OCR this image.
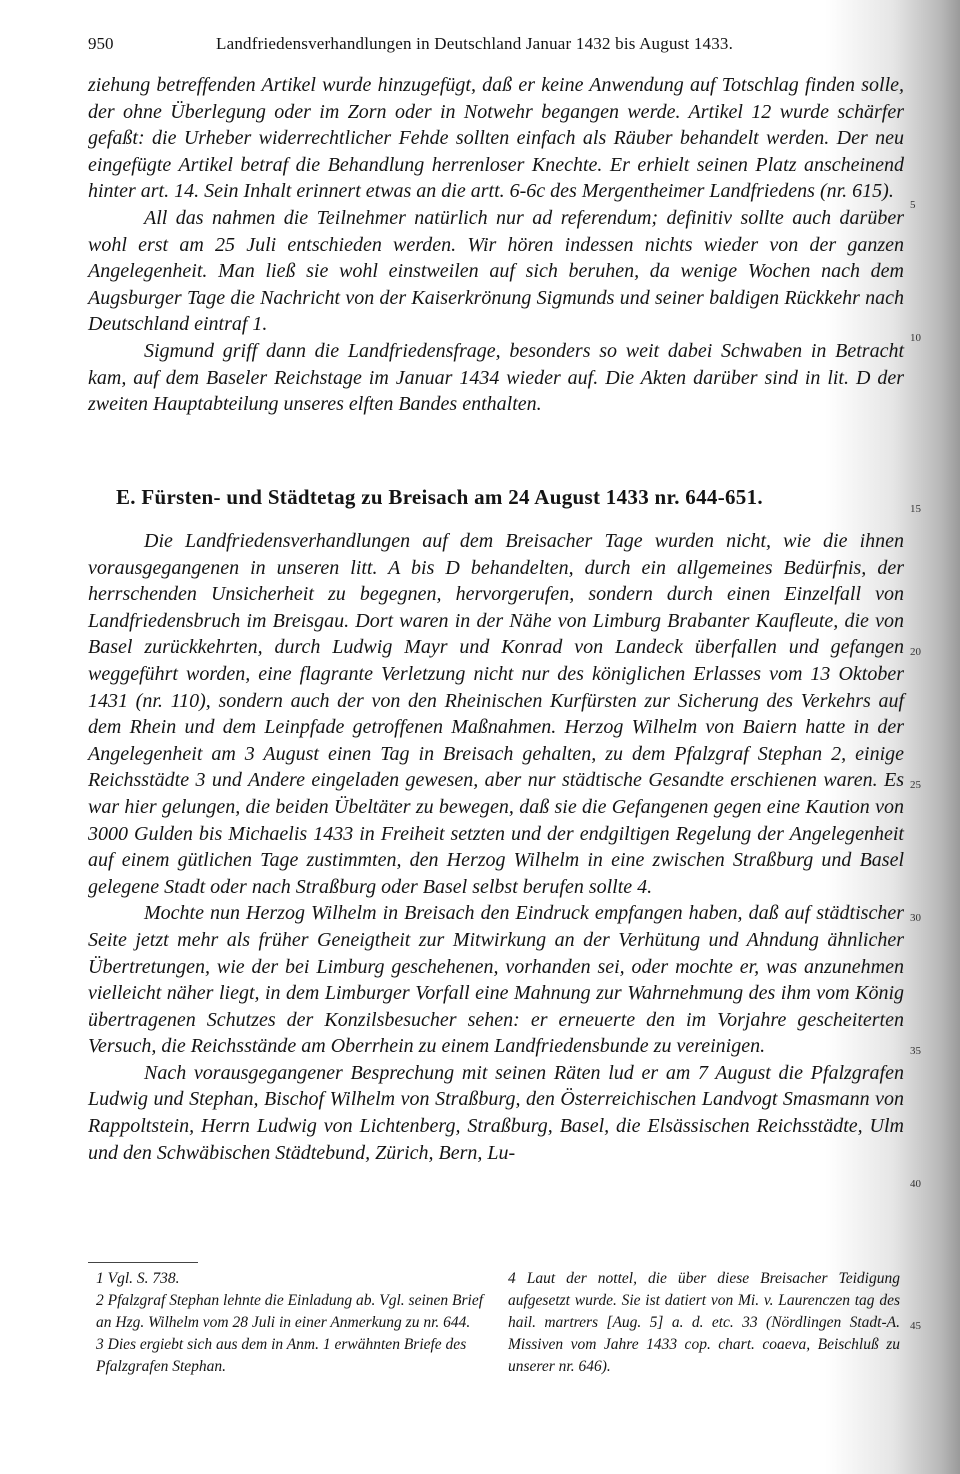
950	Landfriedensverhandlungen in Deutschland Januar 1432 bis August 1433.

ziehung betreffenden Artikel wurde hinzugefügt, daß er keine Anwendung auf Totschlag finden solle, der ohne Überlegung oder im Zorn oder in Notwehr begangen werde. Artikel 12 wurde schärfer gefaßt: die Urheber widerrechtlicher Fehde sollten einfach als Räuber behandelt werden. Der neu eingefügte Artikel betraf die Behandlung herrenloser Knechte. Er erhielt seinen Platz anscheinend hinter art. 14. Sein Inhalt erinnert etwas an die artt. 6-6c des Mergentheimer Landfriedens (nr. 615).

All das nahmen die Teilnehmer natürlich nur ad referendum; definitiv sollte auch darüber wohl erst am 25 Juli entschieden werden. Wir hören indessen nichts wieder von der ganzen Angelegenheit. Man ließ sie wohl einstweilen auf sich beruhen, da wenige Wochen nach dem Augsburger Tage die Nachricht von der Kaiserkrönung Sigmunds und seiner baldigen Rückkehr nach Deutschland eintraf 1.

Sigmund griff dann die Landfriedensfrage, besonders so weit dabei Schwaben in Betracht kam, auf dem Baseler Reichstage im Januar 1434 wieder auf. Die Akten darüber sind in lit. D der zweiten Hauptabteilung unseres elften Bandes enthalten.

E. Fürsten- und Städtetag zu Breisach am 24 August 1433 nr. 644-651.

Die Landfriedensverhandlungen auf dem Breisacher Tage wurden nicht, wie die ihnen vorausgegangenen in unseren litt. A bis D behandelten, durch ein allgemeines Bedürfnis, der herrschenden Unsicherheit zu begegnen, hervorgerufen, sondern durch einen Einzelfall von Landfriedensbruch im Breisgau. Dort waren in der Nähe von Limburg Brabanter Kaufleute, die von Basel zurückkehrten, durch Ludwig Mayr und Konrad von Landeck überfallen und gefangen weggeführt worden, eine flagrante Verletzung nicht nur des königlichen Erlasses vom 13 Oktober 1431 (nr. 110), sondern auch der von den Rheinischen Kurfürsten zur Sicherung des Verkehrs auf dem Rhein und dem Leinpfade getroffenen Maßnahmen. Herzog Wilhelm von Baiern hatte in der Angelegenheit am 3 August einen Tag in Breisach gehalten, zu dem Pfalzgraf Stephan 2, einige Reichsstädte 3 und Andere eingeladen gewesen, aber nur städtische Gesandte erschienen waren. Es war hier gelungen, die beiden Übeltäter zu bewegen, daß sie die Gefangenen gegen eine Kaution von 3000 Gulden bis Michaelis 1433 in Freiheit setzten und der endgiltigen Regelung der Angelegenheit auf einem gütlichen Tage zustimmten, den Herzog Wilhelm in eine zwischen Straßburg und Basel gelegene Stadt oder nach Straßburg oder Basel selbst berufen sollte 4.

Mochte nun Herzog Wilhelm in Breisach den Eindruck empfangen haben, daß auf städtischer Seite jetzt mehr als früher Geneigtheit zur Mitwirkung an der Verhütung und Ahndung ähnlicher Übertretungen, wie der bei Limburg geschehenen, vorhanden sei, oder mochte er, was anzunehmen vielleicht näher liegt, in dem Limburger Vorfall eine Mahnung zur Wahrnehmung des ihm vom König übertragenen Schutzes der Konzilsbesucher sehen: er erneuerte den im Vorjahre gescheiterten Versuch, die Reichsstände am Oberrhein zu einem Landfriedensbunde zu vereinigen.

Nach vorausgegangener Besprechung mit seinen Räten lud er am 7 August die Pfalzgrafen Ludwig und Stephan, Bischof Wilhelm von Straßburg, den Österreichischen Landvogt Smasmann von Rappoltstein, Herrn Ludwig von Lichtenberg, Straßburg, Basel, die Elsässischen Reichsstädte, Ulm und den Schwäbischen Städtebund, Zürich, Bern, Lu-

5
10
15
20
25
30
35
40
45

1 Vgl. S. 738.

2 Pfalzgraf Stephan lehnte die Einladung ab. Vgl. seinen Brief an Hzg. Wilhelm vom 28 Juli in einer Anmerkung zu nr. 644.

3 Dies ergiebt sich aus dem in Anm. 1 erwähnten Briefe des Pfalzgrafen Stephan.

4 Laut der nottel, die über diese Breisacher Teidigung aufgesetzt wurde. Sie ist datiert von Mi. v. Laurenczen tag des hail. martrers [Aug. 5] a. d. etc. 33 (Nördlingen Stadt-A. Missiven vom Jahre 1433 cop. chart. coaeva, Beischluß zu unserer nr. 646).
